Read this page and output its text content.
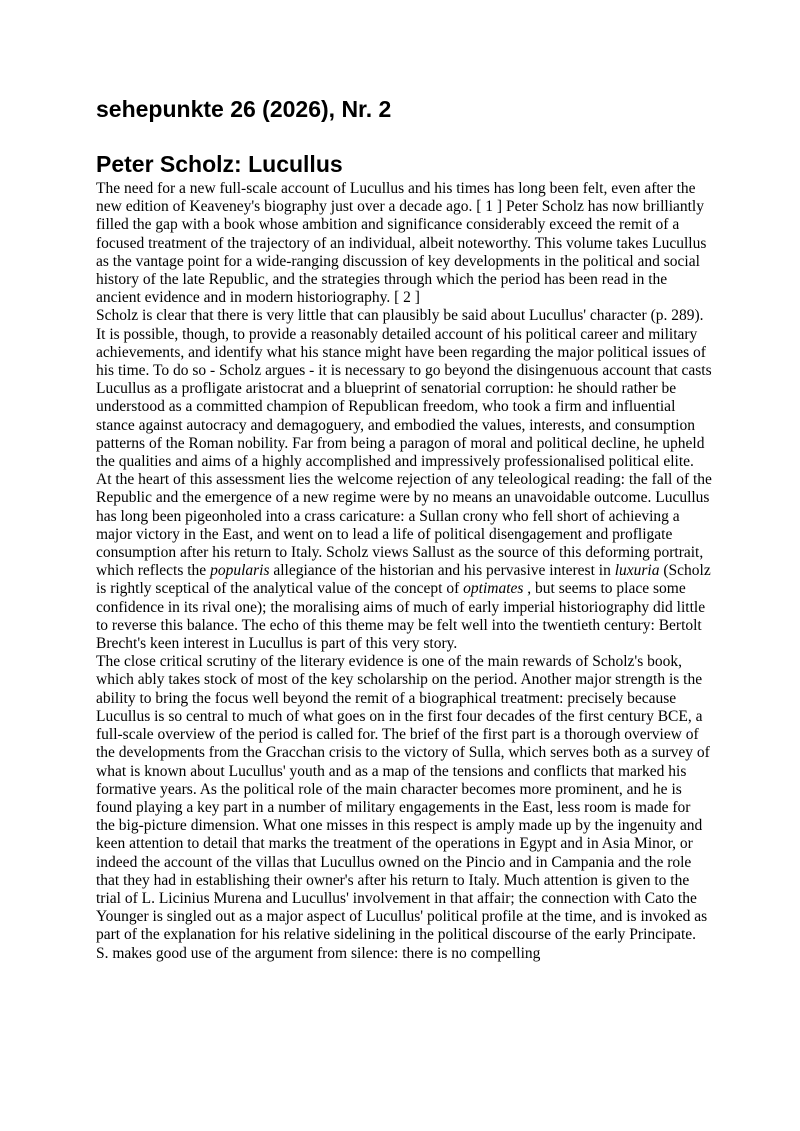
sehepunkte 26 (2026), Nr. 2
Peter Scholz: Lucullus

The need for a new full-scale account of Lucullus and his times has long been felt, even after the new edition of Keaveney's biography just over a decade ago. [ 1 ] Peter Scholz has now brilliantly filled the gap with a book whose ambition and significance considerably exceed the remit of a focused treatment of the trajectory of an individual, albeit noteworthy. This volume takes Lucullus as the vantage point for a wide-ranging discussion of key developments in the political and social history of the late Republic, and the strategies through which the period has been read in the ancient evidence and in modern historiography. [ 2 ]

Scholz is clear that there is very little that can plausibly be said about Lucullus' character (p. 289). It is possible, though, to provide a reasonably detailed account of his political career and military achievements, and identify what his stance might have been regarding the major political issues of his time. To do so - Scholz argues - it is necessary to go beyond the disingenuous account that casts Lucullus as a profligate aristocrat and a blueprint of senatorial corruption: he should rather be understood as a committed champion of Republican freedom, who took a firm and influential stance against autocracy and demagoguery, and embodied the values, interests, and consumption patterns of the Roman nobility. Far from being a paragon of moral and political decline, he upheld the qualities and aims of a highly accomplished and impressively professionalised political elite. At the heart of this assessment lies the welcome rejection of any teleological reading: the fall of the Republic and the emergence of a new regime were by no means an unavoidable outcome. Lucullus has long been pigeonholed into a crass caricature: a Sullan crony who fell short of achieving a major victory in the East, and went on to lead a life of political disengagement and profligate consumption after his return to Italy. Scholz views Sallust as the source of this deforming portrait, which reflects the popularis allegiance of the historian and his pervasive interest in luxuria (Scholz is rightly sceptical of the analytical value of the concept of optimates , but seems to place some confidence in its rival one); the moralising aims of much of early imperial historiography did little to reverse this balance. The echo of this theme may be felt well into the twentieth century: Bertolt Brecht's keen interest in Lucullus is part of this very story.

The close critical scrutiny of the literary evidence is one of the main rewards of Scholz's book, which ably takes stock of most of the key scholarship on the period. Another major strength is the ability to bring the focus well beyond the remit of a biographical treatment: precisely because Lucullus is so central to much of what goes on in the first four decades of the first century BCE, a full-scale overview of the period is called for. The brief of the first part is a thorough overview of the developments from the Gracchan crisis to the victory of Sulla, which serves both as a survey of what is known about Lucullus' youth and as a map of the tensions and conflicts that marked his formative years. As the political role of the main character becomes more prominent, and he is found playing a key part in a number of military engagements in the East, less room is made for the big-picture dimension. What one misses in this respect is amply made up by the ingenuity and keen attention to detail that marks the treatment of the operations in Egypt and in Asia Minor, or indeed the account of the villas that Lucullus owned on the Pincio and in Campania and the role that they had in establishing their owner's after his return to Italy. Much attention is given to the trial of L. Licinius Murena and Lucullus' involvement in that affair; the connection with Cato the Younger is singled out as a major aspect of Lucullus' political profile at the time, and is invoked as part of the explanation for his relative sidelining in the political discourse of the early Principate. S. makes good use of the argument from silence: there is no compelling
